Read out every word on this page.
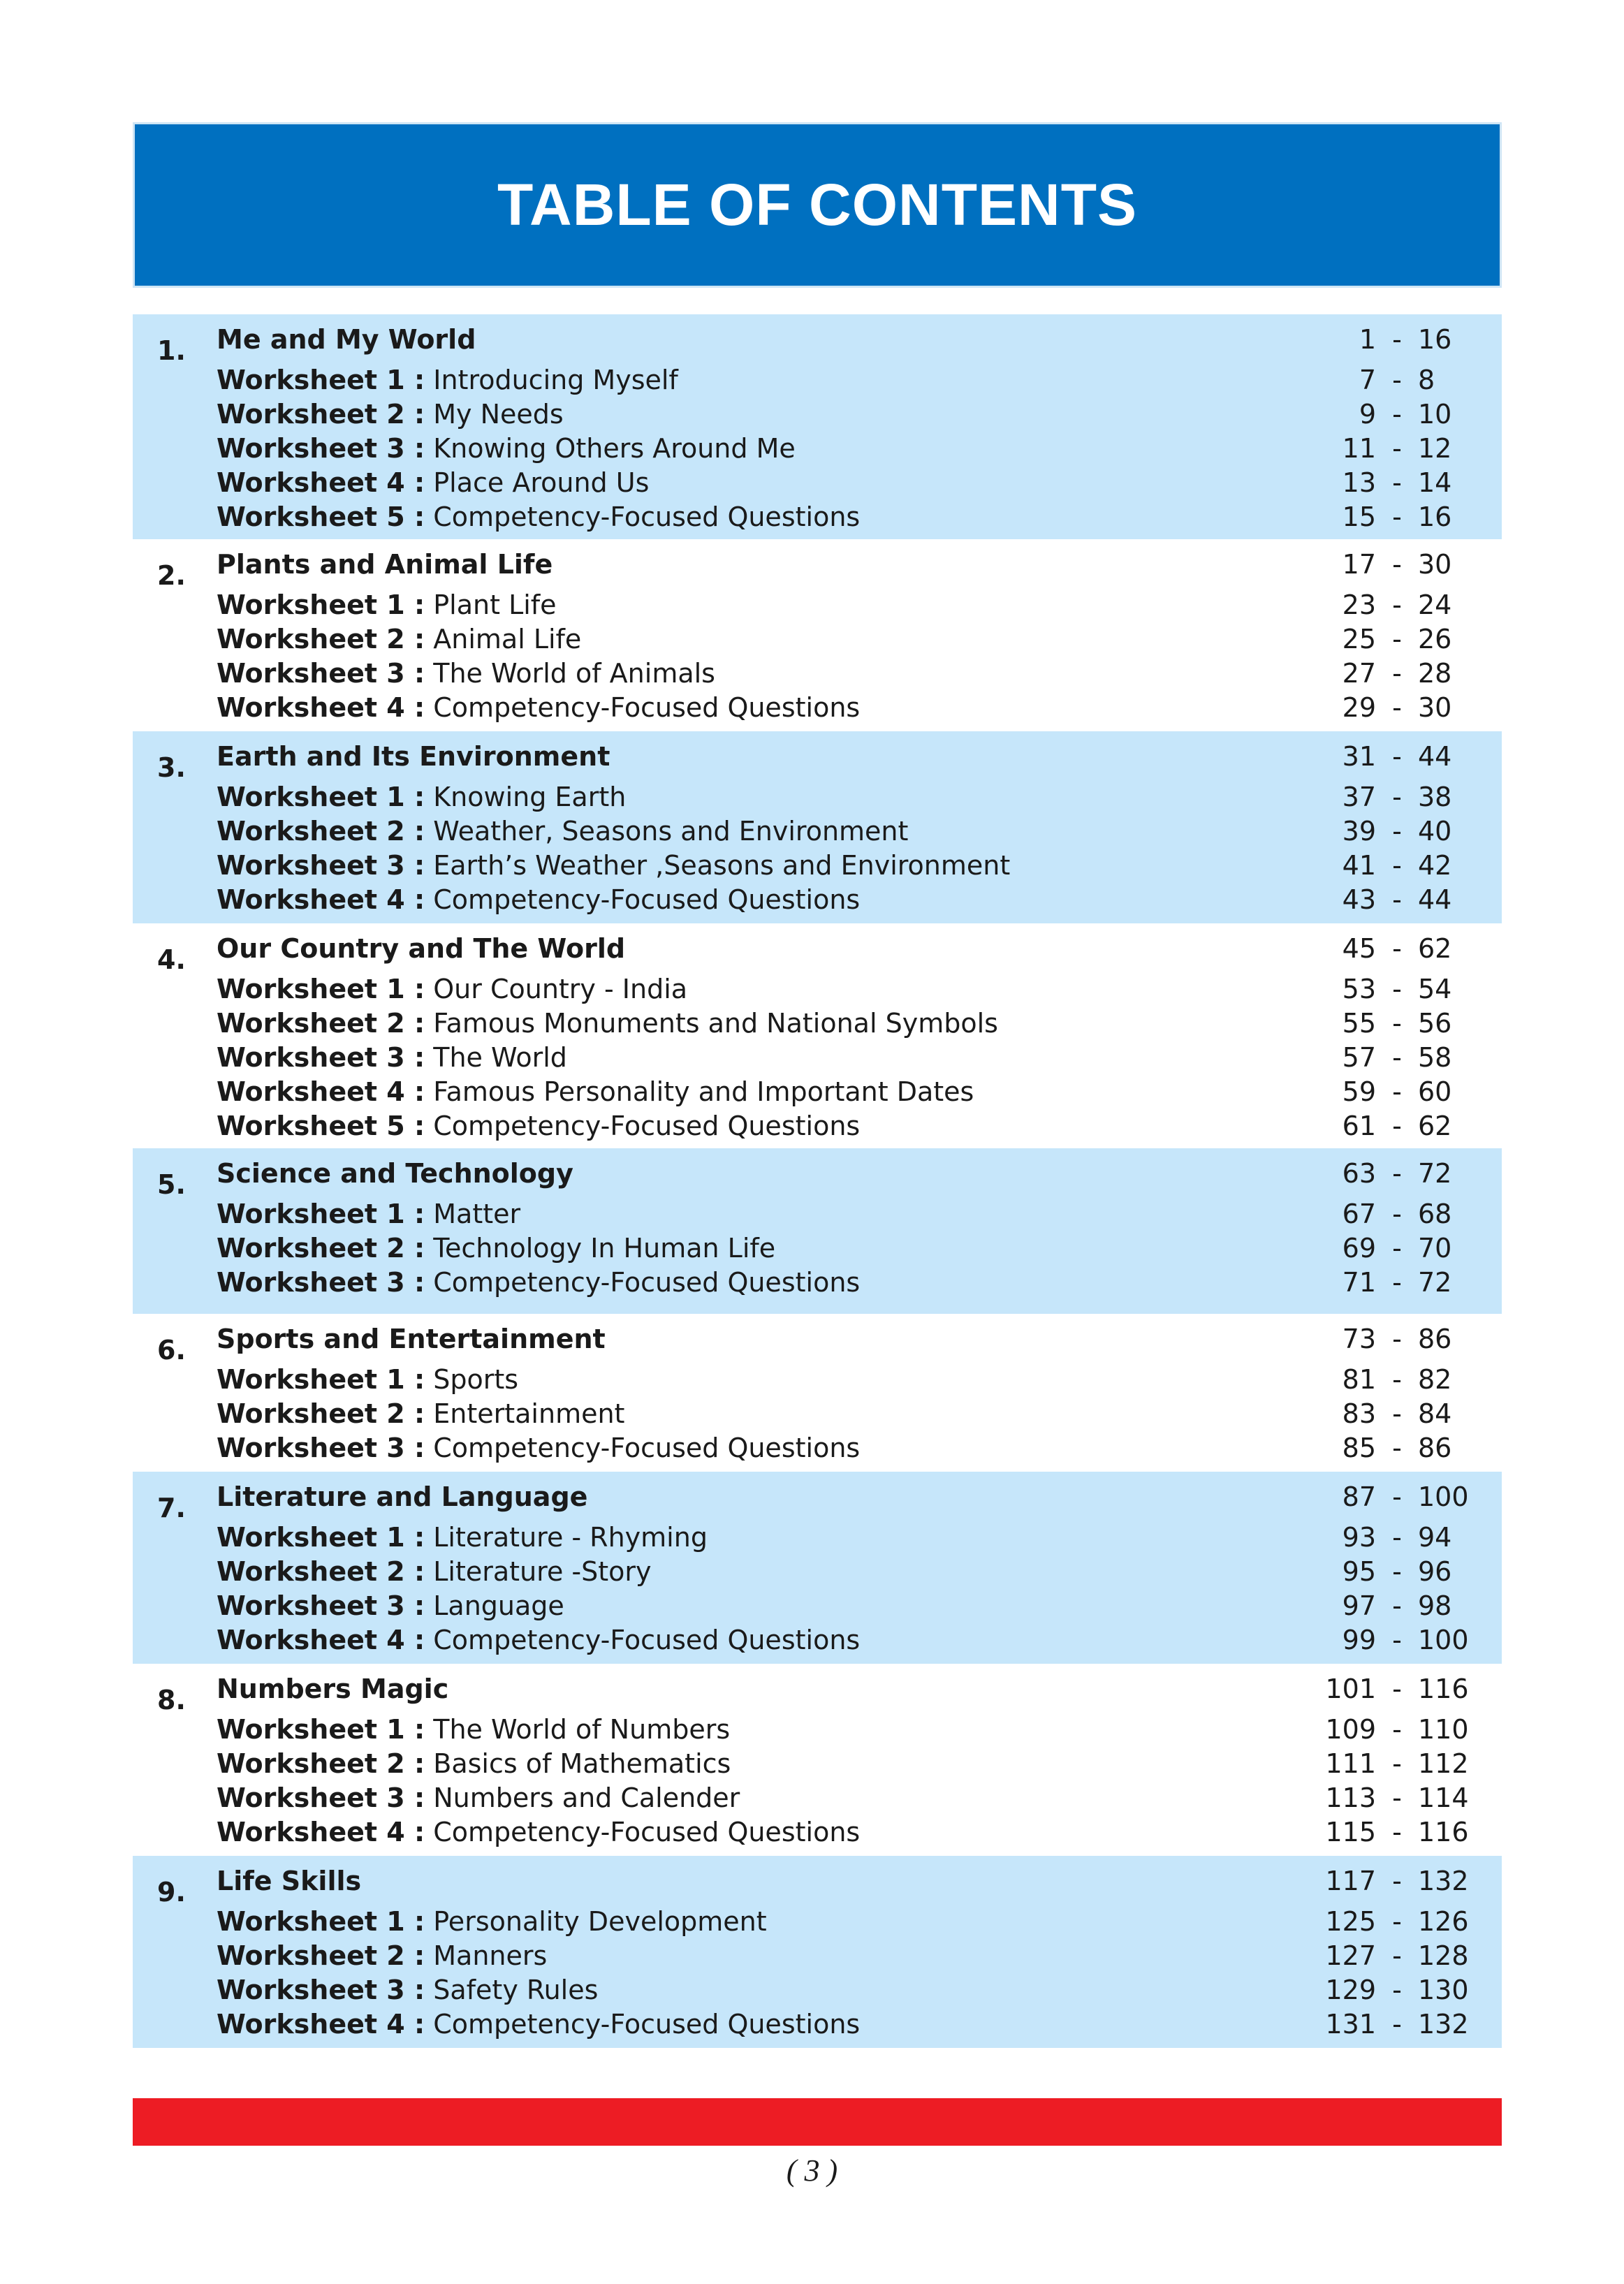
TABLE OF CONTENTS
1. Me and My World	1 - 16
Worksheet 1 : Introducing Myself	7 - 8
Worksheet 2 : My Needs	9 - 10
Worksheet 3 : Knowing Others Around Me	11 - 12
Worksheet 4 : Place Around Us	13 - 14
Worksheet 5 : Competency-Focused Questions	15 - 16
2. Plants and Animal Life	17 - 30
Worksheet 1 : Plant Life	23 - 24
Worksheet 2 : Animal Life	25 - 26
Worksheet 3 : The World of Animals	27 - 28
Worksheet 4 : Competency-Focused Questions	29 - 30
3. Earth and Its Environment	31 - 44
Worksheet 1 : Knowing Earth	37 - 38
Worksheet 2 : Weather, Seasons and Environment	39 - 40
Worksheet 3 : Earth’s Weather ,Seasons and Environment	41 - 42
Worksheet 4 : Competency-Focused Questions	43 - 44
4. Our Country and The World	45 - 62
Worksheet 1 : Our Country - India	53 - 54
Worksheet 2 : Famous Monuments and National Symbols	55 - 56
Worksheet 3 : The World	57 - 58
Worksheet 4 : Famous Personality and Important Dates	59 - 60
Worksheet 5 : Competency-Focused Questions	61 - 62
5. Science and Technology	63 - 72
Worksheet 1 : Matter	67 - 68
Worksheet 2 : Technology In Human Life	69 - 70
Worksheet 3 : Competency-Focused Questions	71 - 72
6. Sports and Entertainment	73 - 86
Worksheet 1 : Sports	81 - 82
Worksheet 2 : Entertainment	83 - 84
Worksheet 3 : Competency-Focused Questions	85 - 86
7. Literature and Language	87 - 100
Worksheet 1 : Literature - Rhyming	93 - 94
Worksheet 2 : Literature -Story	95 - 96
Worksheet 3 : Language	97 - 98
Worksheet 4 : Competency-Focused Questions	99 - 100
8. Numbers Magic	101 - 116
Worksheet 1 : The World of Numbers	109 - 110
Worksheet 2 : Basics of Mathematics	111 - 112
Worksheet 3 : Numbers and Calender	113 - 114
Worksheet 4 : Competency-Focused Questions	115 - 116
9. Life Skills	117 - 132
Worksheet 1 : Personality Development	125 - 126
Worksheet 2 : Manners	127 - 128
Worksheet 3 : Safety Rules	129 - 130
Worksheet 4 : Competency-Focused Questions	131 - 132
( 3 )
